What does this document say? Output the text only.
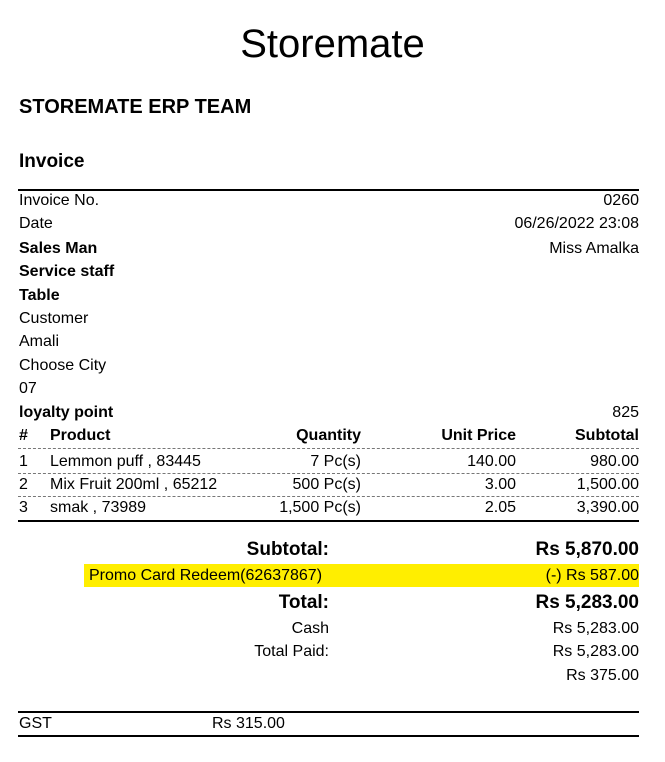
Storemate
STOREMATE ERP TEAM
Invoice
Invoice No.	0260
Date	06/26/2022 23:08
Sales Man	Miss Amalka
Service staff
Table
Customer
Amali
Choose City
07
loyalty point	825
# Product	Quantity	Unit Price	Subtotal
1 Lemmon puff , 83445	7 Pc(s)	140.00	980.00
2 Mix Fruit 200ml , 65212	500 Pc(s)	3.00	1,500.00
3 smak , 73989	1,500 Pc(s)	2.05	3,390.00
Subtotal:	Rs 5,870.00
Promo Card Redeem(62637867)	(-) Rs 587.00
Total:	Rs 5,283.00
Cash	Rs 5,283.00
Total Paid:	Rs 5,283.00
Rs 375.00
GST	Rs 315.00
